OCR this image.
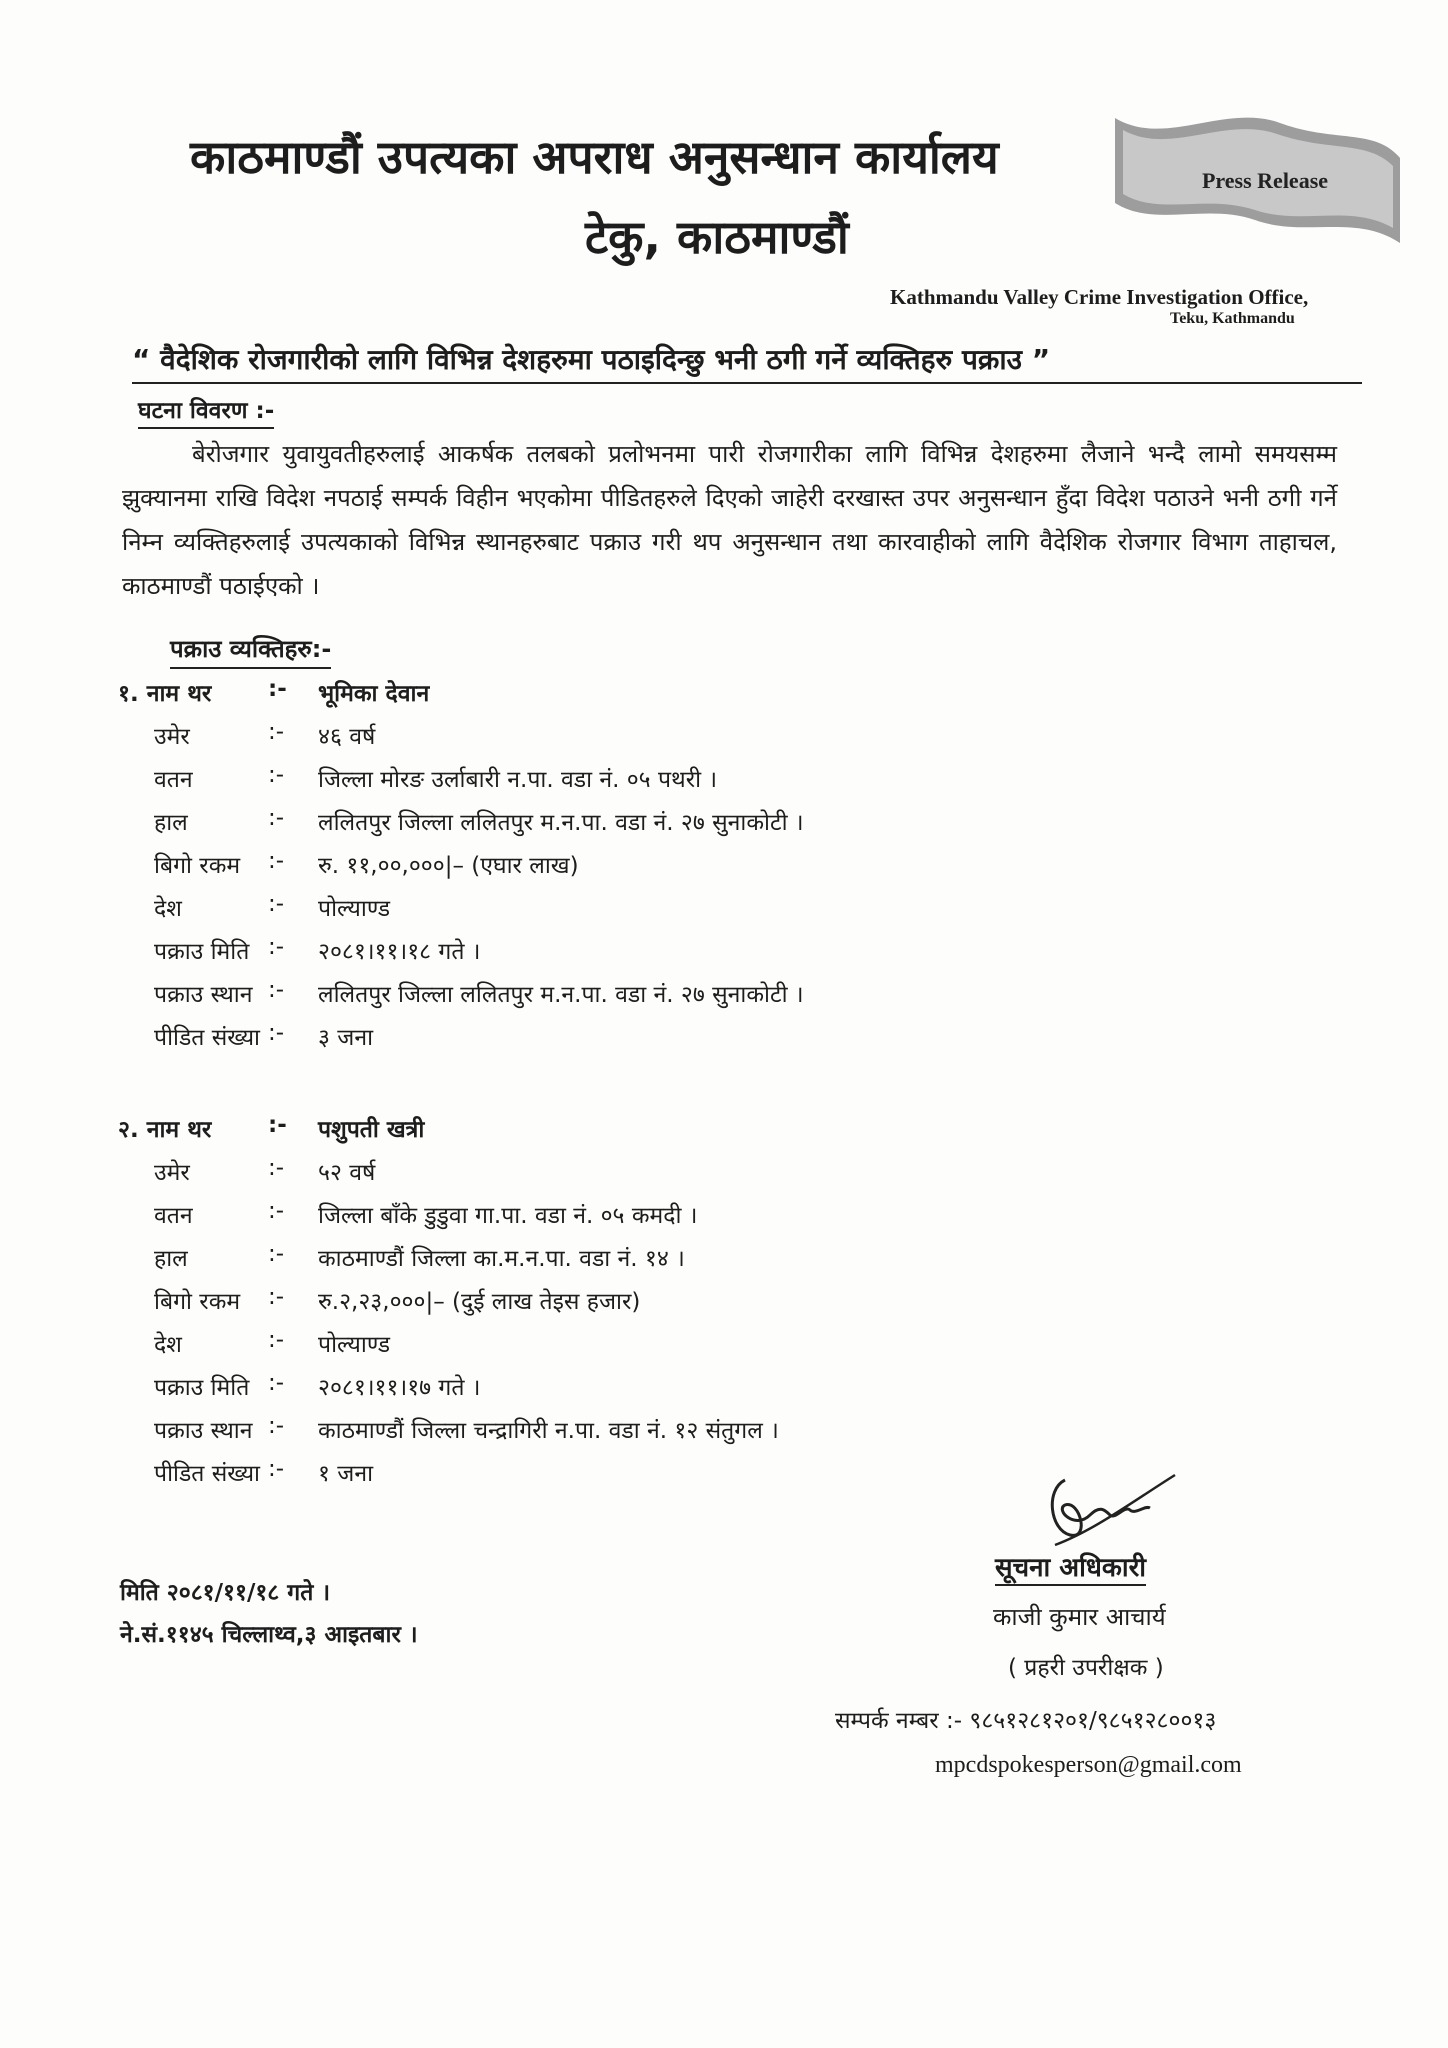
काठमाण्डौं उपत्यका अपराध अनुसन्धान कार्यालय
टेकु, काठमाण्डौं
Press Release
Kathmandu Valley Crime Investigation Office,
Teku, Kathmandu
“ वैदेशिक रोजगारीको लागि विभिन्न देशहरुमा पठाइदिन्छु भनी ठगी गर्ने व्यक्तिहरु पक्राउ ”
घटना विवरण :-
बेरोजगार युवायुवतीहरुलाई आकर्षक तलबको प्रलोभनमा पारी रोजगारीका लागि विभिन्न देशहरुमा लैजाने भन्दै लामो समयसम्म झुक्यानमा राखि विदेश नपठाई सम्पर्क विहीन भएकोमा पीडितहरुले दिएको जाहेरी दरखास्त उपर अनुसन्धान हुँदा विदेश पठाउने भनी ठगी गर्ने निम्न व्यक्तिहरुलाई उपत्यकाको विभिन्न स्थानहरुबाट पक्राउ गरी थप अनुसन्धान तथा कारवाहीको लागि वैदेशिक रोजगार विभाग ताहाचल, काठमाण्डौं पठाईएको ।
पक्राउ व्यक्तिहरु:-
१. नाम थर :- भूमिका देवान
उमेर	:- ४६ वर्ष
वतन	:- जिल्ला मोरङ उर्लाबारी न.पा. वडा नं. ०५ पथरी ।
हाल	:- ललितपुर जिल्ला ललितपुर म.न.पा. वडा नं. २७ सुनाकोटी ।
बिगो रकम :- रु. ११,००,०००|– (एघार लाख)
देश	:- पोल्याण्ड
पक्राउ मिति :- २०८१।११।१८ गते ।
पक्राउ स्थान :- ललितपुर जिल्ला ललितपुर म.न.पा. वडा नं. २७ सुनाकोटी ।
पीडित संख्या :- ३ जना
२. नाम थर :- पशुपती खत्री
उमेर	:- ५२ वर्ष
वतन	:- जिल्ला बाँके डुडुवा गा.पा. वडा नं. ०५ कमदी ।
हाल	:- काठमाण्डौं जिल्ला का.म.न.पा. वडा नं. १४ ।
बिगो रकम :- रु.२,२३,०००|– (दुई लाख तेइस हजार)
देश	:- पोल्याण्ड
पक्राउ मिति :- २०८१।११।१७ गते ।
पक्राउ स्थान :- काठमाण्डौं जिल्ला चन्द्रागिरी न.पा. वडा नं. १२ संतुगल ।
पीडित संख्या :- १ जना
मिति २०८१/११/१८ गते ।
ने.सं.११४५ चिल्लाथ्व,३ आइतबार ।
सूचना अधिकारी
काजी कुमार आचार्य
( प्रहरी उपरीक्षक )
सम्पर्क नम्बर :- ९८५१२८१२०१/९८५१२८००१३
mpcdspokesperson@gmail.com
